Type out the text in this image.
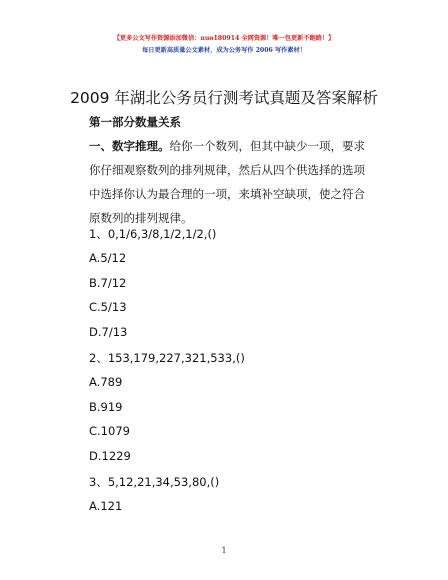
【更多公文写作资源添加微信：nuo180914 全网资源！唯一包更新不跑路！】
每日更新高质量公文素材，成为公务写作 2006 写作素材！
2009 年湖北公务员行测考试真题及答案解析
第一部分数量关系
一、数字推理。给你一个数列，但其中缺少一项，要求你仔细观察数列的排列规律，然后从四个供选择的选项中选择你认为最合理的一项，来填补空缺项，使之符合原数列的排列规律。
1、0,1/6,3/8,1/2,1/2,()
A.5/12
B.7/12
C.5/13
D.7/13
2、153,179,227,321,533,()
A.789
B.919
C.1079
D.1229
3、5,12,21,34,53,80,()
A.121
1
